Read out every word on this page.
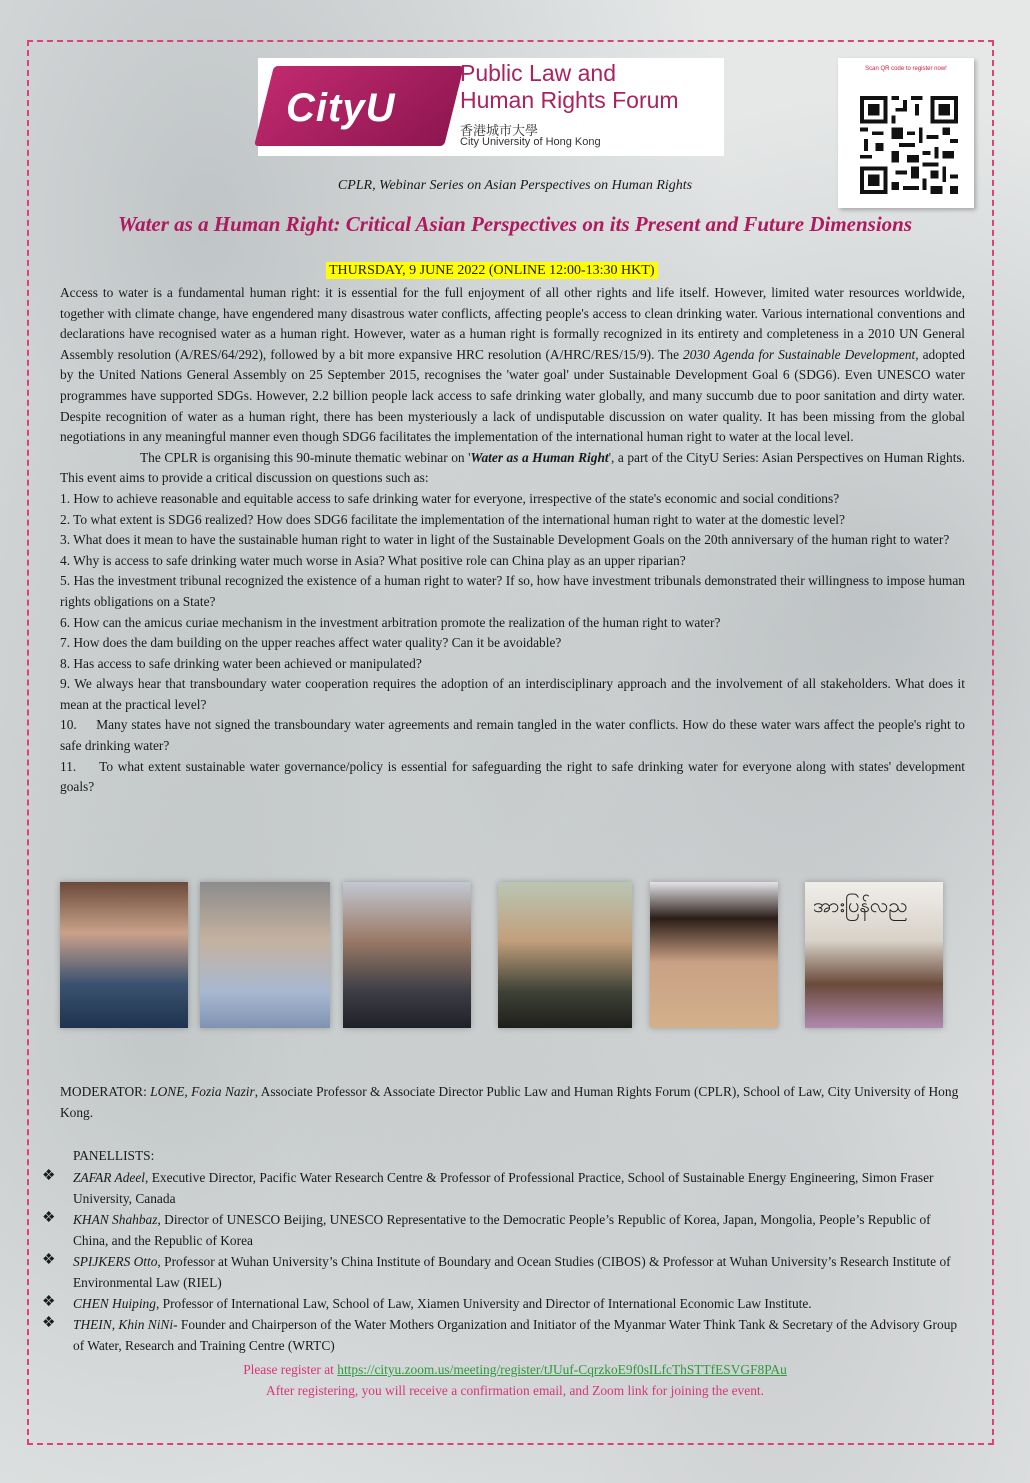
CityU
Public Law and
Human Rights Forum
香港城市大學
City University of Hong Kong
Scan QR code to register now!
CPLR, Webinar Series on Asian Perspectives on Human Rights
Water as a Human Right: Critical Asian Perspectives on its Present and Future Dimensions
THURSDAY, 9 JUNE 2022 (ONLINE 12:00-13:30 HKT)

Access to water is a fundamental human right: it is essential for the full enjoyment of all other rights and life itself. However, limited water resources worldwide, together with climate change, have engendered many disastrous water conflicts, affecting people's access to clean drinking water. Various international conventions and declarations have recognised water as a human right. However, water as a human right is formally recognized in its entirety and completeness in a 2010 UN General Assembly resolution (A/RES/64/292), followed by a bit more expansive HRC resolution (A/HRC/RES/15/9). The 2030 Agenda for Sustainable Development, adopted by the United Nations General Assembly on 25 September 2015, recognises the 'water goal' under Sustainable Development Goal 6 (SDG6). Even UNESCO water programmes have supported SDGs. However, 2.2 billion people lack access to safe drinking water globally, and many succumb due to poor sanitation and dirty water. Despite recognition of water as a human right, there has been mysteriously a lack of undisputable discussion on water quality. It has been missing from the global negotiations in any meaningful manner even though SDG6 facilitates the implementation of the international human right to water at the local level.

The CPLR is organising this 90-minute thematic webinar on 'Water as a Human Right', a part of the CityU Series: Asian Perspectives on Human Rights. This event aims to provide a critical discussion on questions such as:

1. How to achieve reasonable and equitable access to safe drinking water for everyone, irrespective of the state's economic and social conditions?

2. To what extent is SDG6 realized? How does SDG6 facilitate the implementation of the international human right to water at the domestic level?

3. What does it mean to have the sustainable human right to water in light of the Sustainable Development Goals on the 20th anniversary of the human right to water?

4. Why is access to safe drinking water much worse in Asia? What positive role can China play as an upper riparian?

5. Has the investment tribunal recognized the existence of a human right to water? If so, how have investment tribunals demonstrated their willingness to impose human rights obligations on a State?

6. How can the amicus curiae mechanism in the investment arbitration promote the realization of the human right to water?

7. How does the dam building on the upper reaches affect water quality? Can it be avoidable?

8. Has access to safe drinking water been achieved or manipulated?

9. We always hear that transboundary water cooperation requires the adoption of an interdisciplinary approach and the involvement of all stakeholders. What does it mean at the practical level?

10.     Many states have not signed the transboundary water agreements and remain tangled in the water conflicts. How do these water wars affect the people's right to safe drinking water?

11.     To what extent sustainable water governance/policy is essential for safeguarding the right to safe drinking water for everyone along with states' development goals?

အားပြန်လည
MODERATOR: LONE, Fozia Nazir, Associate Professor & Associate Director Public Law and Human Rights Forum (CPLR), School of Law, City University of Hong Kong.
PANELLISTS:
❖ ZAFAR Adeel, Executive Director, Pacific Water Research Centre & Professor of Professional Practice, School of Sustainable Energy Engineering, Simon Fraser University, Canada
❖ KHAN Shahbaz, Director of UNESCO Beijing, UNESCO Representative to the Democratic People’s Republic of Korea, Japan, Mongolia, People’s Republic of China, and the Republic of Korea
❖ SPIJKERS Otto, Professor at Wuhan University’s China Institute of Boundary and Ocean Studies (CIBOS) & Professor at Wuhan University’s Research Institute of Environmental Law (RIEL)
❖ CHEN Huiping, Professor of International Law, School of Law, Xiamen University and Director of International Economic Law Institute.
❖ THEIN, Khin NiNi- Founder and Chairperson of the Water Mothers Organization and Initiator of the Myanmar Water Think Tank & Secretary of the Advisory Group of Water, Research and Training Centre (WRTC)
Please register at https://cityu.zoom.us/meeting/register/tJUuf-CqrzkoE9f0sILfcThSTTfESVGF8PAu
After registering, you will receive a confirmation email, and Zoom link for joining the event.
